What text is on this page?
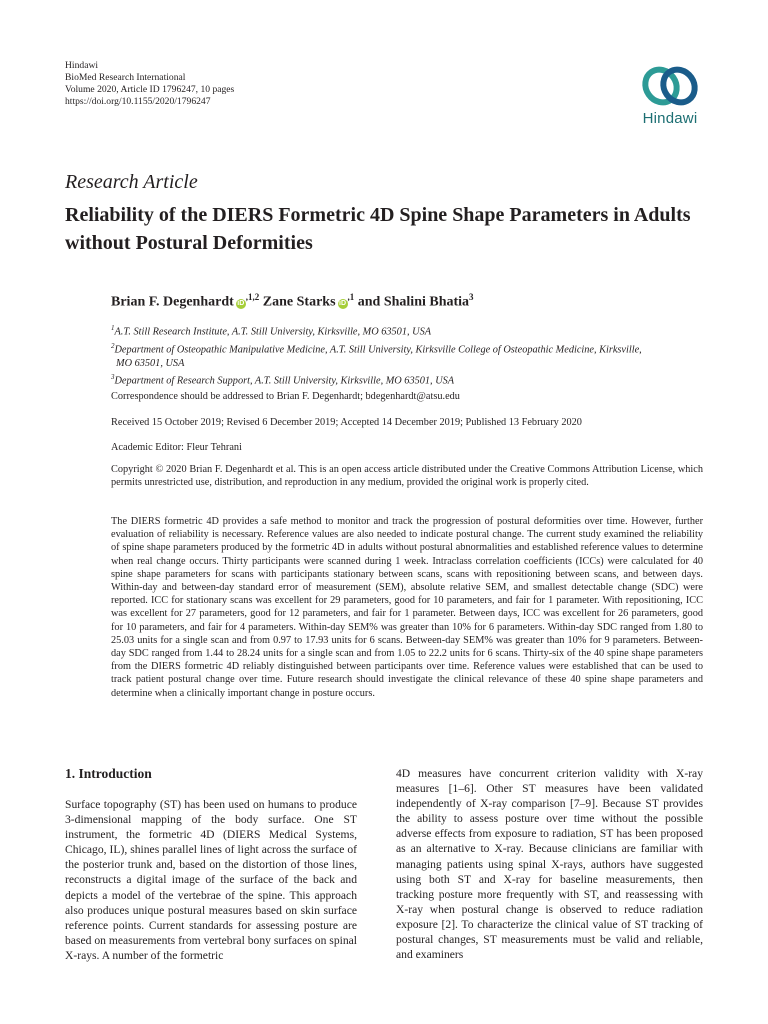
Hindawi
BioMed Research International
Volume 2020, Article ID 1796247, 10 pages
https://doi.org/10.1155/2020/1796247
Hindawi
Research Article
Reliability of the DIERS Formetric 4D Spine Shape Parameters in Adults without Postural Deformities
Brian F. Degenhardt $iD^{,1,2}$ Zane Starks $iD^{,1}$ and Shalini Bhatia$^3$
$^1$A.T. Still Research Institute, A.T. Still University, Kirksville, MO 63501, USA
$^2$Department of Osteopathic Manipulative Medicine, A.T. Still University, Kirksville College of Osteopathic Medicine, Kirksville,
MO 63501, USA
$^3$Department of Research Support, A.T. Still University, Kirksville, MO 63501, USA
Correspondence should be addressed to Brian F. Degenhardt; bdegenhardt@atsu.edu
Received 15 October 2019; Revised 6 December 2019; Accepted 14 December 2019; Published 13 February 2020
Academic Editor: Fleur Tehrani
Copyright © 2020 Brian F. Degenhardt et al. This is an open access article distributed under the Creative Commons Attribution License, which permits unrestricted use, distribution, and reproduction in any medium, provided the original work is properly cited.
The DIERS formetric 4D provides a safe method to monitor and track the progression of postural deformities over time. However, further evaluation of reliability is necessary. Reference values are also needed to indicate postural change. The current study examined the reliability of spine shape parameters produced by the formetric 4D in adults without postural abnormalities and established reference values to determine when real change occurs. Thirty participants were scanned during 1 week. Intraclass correlation coefficients (ICCs) were calculated for 40 spine shape parameters for scans with participants stationary between scans, scans with repositioning between scans, and between days. Within-day and between-day standard error of measurement (SEM), absolute relative SEM, and smallest detectable change (SDC) were reported. ICC for stationary scans was excellent for 29 parameters, good for 10 parameters, and fair for 1 parameter. With repositioning, ICC was excellent for 27 parameters, good for 12 parameters, and fair for 1 parameter. Between days, ICC was excellent for 26 parameters, good for 10 parameters, and fair for 4 parameters. Within-day SEM% was greater than 10% for 6 parameters. Within-day SDC ranged from 1.80 to 25.03 units for a single scan and from 0.97 to 17.93 units for 6 scans. Between-day SEM% was greater than 10% for 9 parameters. Between-day SDC ranged from 1.44 to 28.24 units for a single scan and from 1.05 to 22.2 units for 6 scans. Thirty-six of the 40 spine shape parameters from the DIERS formetric 4D reliably distinguished between participants over time. Reference values were established that can be used to track patient postural change over time. Future research should investigate the clinical relevance of these 40 spine shape parameters and determine when a clinically important change in posture occurs.
1. Introduction
Surface topography (ST) has been used on humans to produce 3-dimensional mapping of the body surface. One ST instrument, the formetric 4D (DIERS Medical Systems, Chicago, IL), shines parallel lines of light across the surface of the posterior trunk and, based on the distortion of those lines, reconstructs a digital image of the surface of the back and depicts a model of the vertebrae of the spine. This approach also produces unique postural measures based on skin surface reference points. Current standards for assessing posture are based on measurements from vertebral bony surfaces on spinal X-rays. A number of the formetric
4D measures have concurrent criterion validity with X-ray measures [1–6]. Other ST measures have been validated independently of X-ray comparison [7–9]. Because ST provides the ability to assess posture over time without the possible adverse effects from exposure to radiation, ST has been proposed as an alternative to X-ray. Because clinicians are familiar with managing patients using spinal X-rays, authors have suggested using both ST and X-ray for baseline measurements, then tracking posture more frequently with ST, and reassessing with X-ray when postural change is observed to reduce radiation exposure [2]. To characterize the clinical value of ST tracking of postural changes, ST measurements must be valid and reliable, and examiners
